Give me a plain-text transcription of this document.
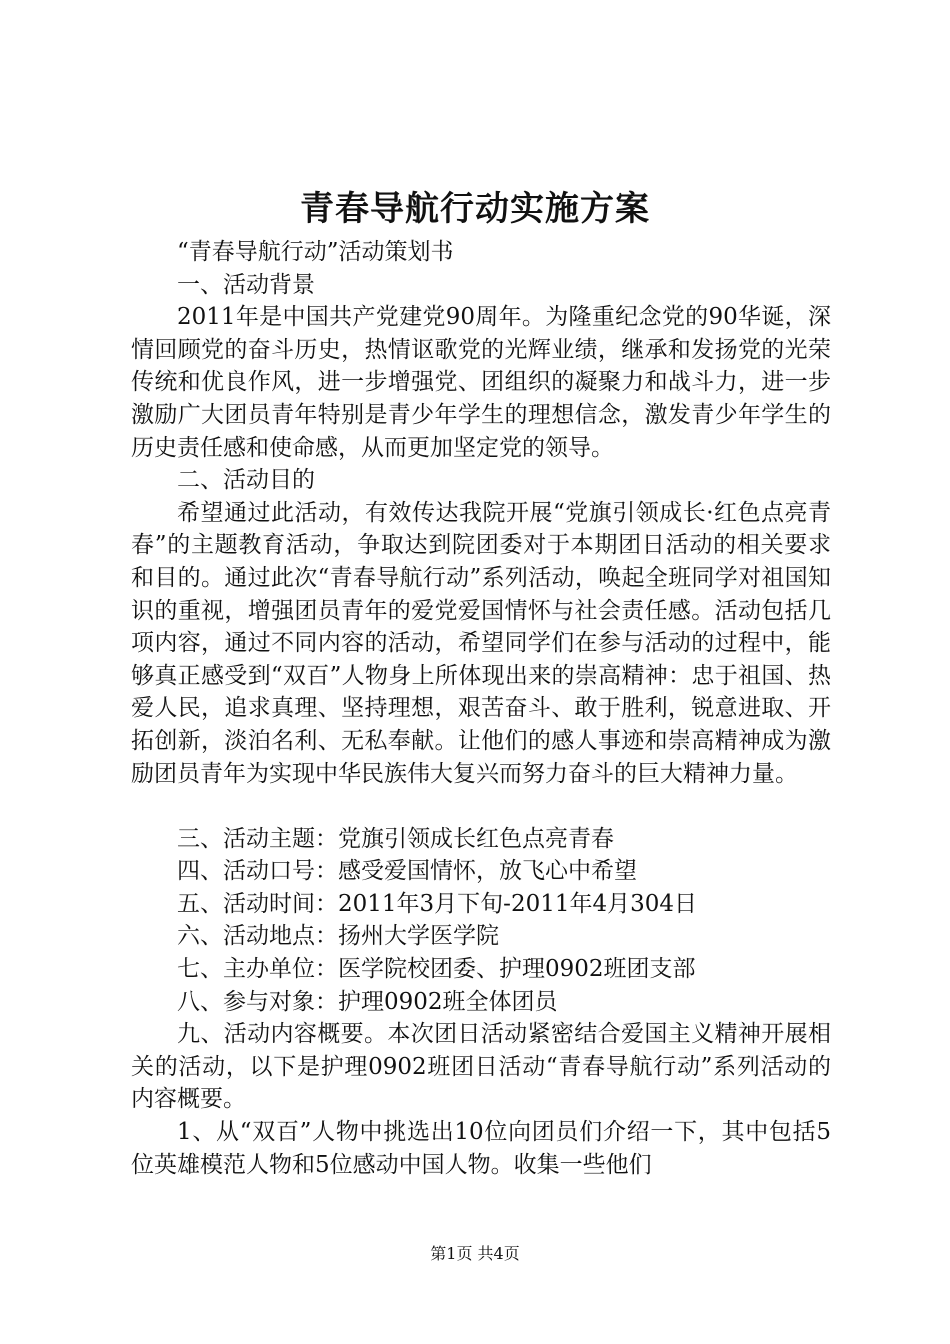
青春导航行动实施方案

“青春导航行动”活动策划书

一、活动背景

2011年是中国共产党建党90周年。为隆重纪念党的90华诞，深情回顾党的奋斗历史，热情讴歌党的光辉业绩，继承和发扬党的光荣传统和优良作风，进一步增强党、团组织的凝聚力和战斗力，进一步激励广大团员青年特别是青少年学生的理想信念，激发青少年学生的历史责任感和使命感，从而更加坚定党的领导。

二、活动目的

希望通过此活动，有效传达我院开展“党旗引领成长·红色点亮青春”的主题教育活动，争取达到院团委对于本期团日活动的相关要求和目的。通过此次“青春导航行动”系列活动，唤起全班同学对祖国知识的重视，增强团员青年的爱党爱国情怀与社会责任感。活动包括几项内容，通过不同内容的活动，希望同学们在参与活动的过程中，能够真正感受到“双百”人物身上所体现出来的崇高精神：忠于祖国、热爱人民，追求真理、坚持理想，艰苦奋斗、敢于胜利，锐意进取、开拓创新，淡泊名利、无私奉献。让他们的感人事迹和崇高精神成为激励团员青年为实现中华民族伟大复兴而努力奋斗的巨大精神力量。

三、活动主题：党旗引领成长红色点亮青春

四、活动口号：感受爱国情怀，放飞心中希望

五、活动时间：2011年3月下旬-2011年4月304日

六、活动地点：扬州大学医学院

七、主办单位：医学院校团委、护理0902班团支部

八、参与对象：护理0902班全体团员

九、活动内容概要。本次团日活动紧密结合爱国主义精神开展相关的活动，以下是护理0902班团日活动“青春导航行动”系列活动的内容概要。

1、从“双百”人物中挑选出10位向团员们介绍一下，其中包括5位英雄模范人物和5位感动中国人物。收集一些他们

第1页 共4页
